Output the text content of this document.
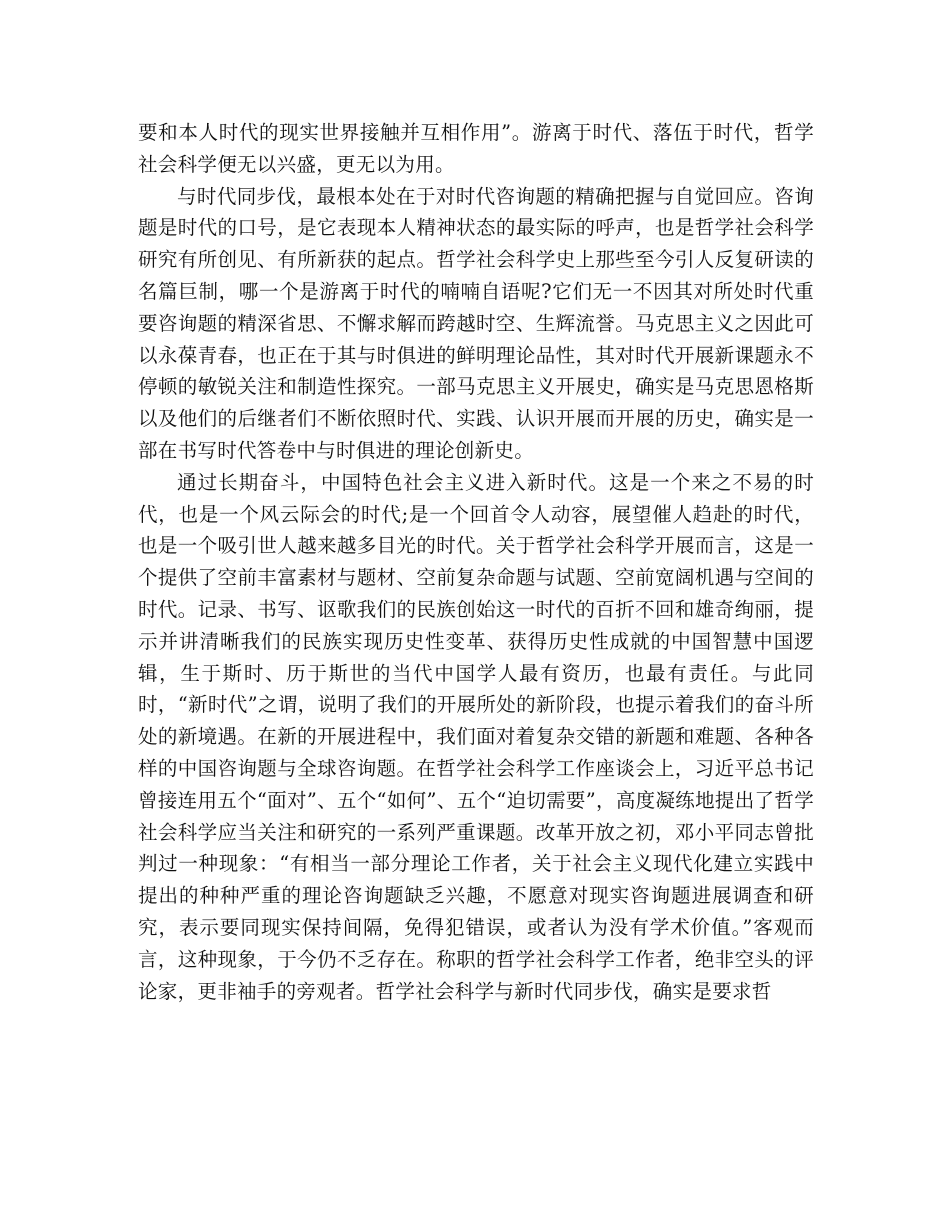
要和本人时代的现实世界接触并互相作用”。游离于时代、落伍于时代，哲学社会科学便无以兴盛，更无以为用。

与时代同步伐，最根本处在于对时代咨询题的精确把握与自觉回应。咨询题是时代的口号，是它表现本人精神状态的最实际的呼声，也是哲学社会科学研究有所创见、有所新获的起点。哲学社会科学史上那些至今引人反复研读的名篇巨制，哪一个是游离于时代的喃喃自语呢?它们无一不因其对所处时代重要咨询题的精深省思、不懈求解而跨越时空、生辉流誉。马克思主义之因此可以永葆青春，也正在于其与时俱进的鲜明理论品性，其对时代开展新课题永不停顿的敏锐关注和制造性探究。一部马克思主义开展史，确实是马克思恩格斯以及他们的后继者们不断依照时代、实践、认识开展而开展的历史，确实是一部在书写时代答卷中与时俱进的理论创新史。

通过长期奋斗，中国特色社会主义进入新时代。这是一个来之不易的时代，也是一个风云际会的时代;是一个回首令人动容，展望催人趋赴的时代，也是一个吸引世人越来越多目光的时代。关于哲学社会科学开展而言，这是一个提供了空前丰富素材与题材、空前复杂命题与试题、空前宽阔机遇与空间的时代。记录、书写、讴歌我们的民族创始这一时代的百折不回和雄奇绚丽，提示并讲清晰我们的民族实现历史性变革、获得历史性成就的中国智慧中国逻辑，生于斯时、历于斯世的当代中国学人最有资历，也最有责任。与此同时，“新时代”之谓，说明了我们的开展所处的新阶段，也提示着我们的奋斗所处的新境遇。在新的开展进程中，我们面对着复杂交错的新题和难题、各种各样的中国咨询题与全球咨询题。在哲学社会科学工作座谈会上，习近平总书记曾接连用五个“面对”、五个“如何”、五个“迫切需要”，高度凝练地提出了哲学社会科学应当关注和研究的一系列严重课题。改革开放之初，邓小平同志曾批判过一种现象：“有相当一部分理论工作者，关于社会主义现代化建立实践中提出的种种严重的理论咨询题缺乏兴趣，不愿意对现实咨询题进展调查和研究，表示要同现实保持间隔，免得犯错误，或者认为没有学术价值。”客观而言，这种现象，于今仍不乏存在。称职的哲学社会科学工作者，绝非空头的评论家，更非袖手的旁观者。哲学社会科学与新时代同步伐，确实是要求哲
